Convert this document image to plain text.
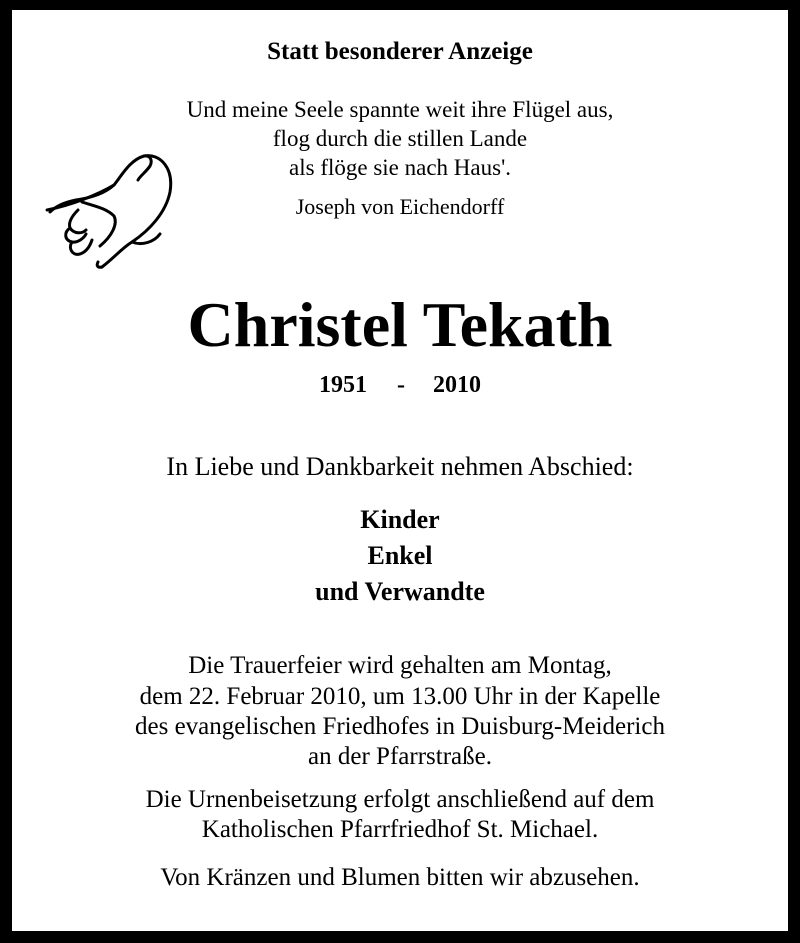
Statt besonderer Anzeige

Und meine Seele spannte weit ihre Flügel aus,

flog durch die stillen Lande

als flöge sie nach Haus'.

Joseph von Eichendorff

Christel Tekath

1951 - 2010

In Liebe und Dankbarkeit nehmen Abschied:

Kinder

Enkel

und Verwandte

Die Trauerfeier wird gehalten am Montag,

dem 22. Februar 2010, um 13.00 Uhr in der Kapelle

des evangelischen Friedhofes in Duisburg-Meiderich

an der Pfarrstraße.

Die Urnenbeisetzung erfolgt anschließend auf dem

Katholischen Pfarrfriedhof St. Michael.

Von Kränzen und Blumen bitten wir abzusehen.
